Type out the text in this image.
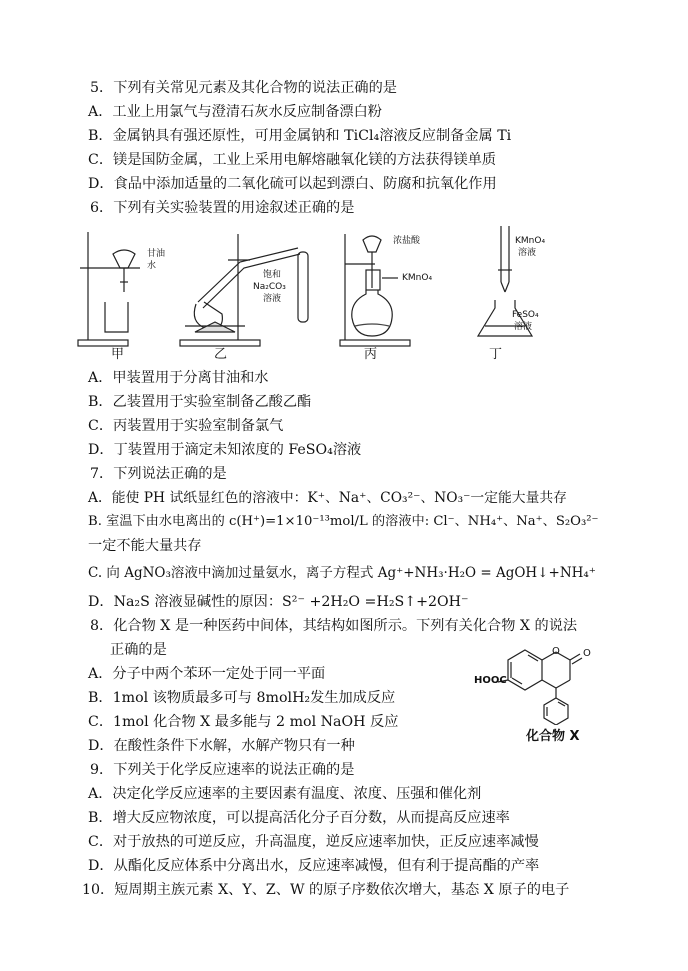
5．下列有关常见元素及其化合物的说法正确的是
A．工业上用氯气与澄清石灰水反应制备漂白粉
B．金属钠具有强还原性，可用金属钠和 TiCl₄溶液反应制备金属 Ti
C．镁是国防金属，工业上采用电解熔融氧化镁的方法获得镁单质
D．食品中添加适量的二氧化硫可以起到漂白、防腐和抗氧化作用
6．下列有关实验装置的用途叙述正确的是
甘油
水
饱和
Na₂CO₃
溶液
浓盐酸
KMnO₄
KMnO₄
溶液
FeSO₄
溶液
甲	乙	丙	丁
A．甲装置用于分离甘油和水
B．乙装置用于实验室制备乙酸乙酯
C．丙装置用于实验室制备氯气
D．丁装置用于滴定未知浓度的 FeSO₄溶液
7．下列说法正确的是
A．能使 PH 试纸显红色的溶液中：K⁺、Na⁺、CO₃²⁻、NO₃⁻一定能大量共存
B. 室温下由水电离出的 c(H⁺)=1×10⁻¹³mol/L 的溶液中: Cl⁻、NH₄⁺、Na⁺、S₂O₃²⁻
一定不能大量共存
C. 向 AgNO₃溶液中滴加过量氨水，离子方程式 Ag⁺+NH₃·H₂O = AgOH↓+NH₄⁺
D．Na₂S 溶液显碱性的原因：S²⁻ +2H₂O =H₂S↑+2OH⁻
8．化合物 X 是一种医药中间体，其结构如图所示。下列有关化合物 X 的说法
正确的是
A．分子中两个苯环一定处于同一平面
B．1mol 该物质最多可与 8molH₂发生加成反应
C．1mol 化合物 X 最多能与 2 mol NaOH 反应
D．在酸性条件下水解，水解产物只有一种
HOOC
O O
化合物 X
9．下列关于化学反应速率的说法正确的是
A．决定化学反应速率的主要因素有温度、浓度、压强和催化剂
B．增大反应物浓度，可以提高活化分子百分数，从而提高反应速率
C．对于放热的可逆反应，升高温度，逆反应速率加快，正反应速率减慢
D．从酯化反应体系中分离出水，反应速率减慢，但有利于提高酯的产率
10．短周期主族元素 X、Y、Z、W 的原子序数依次增大，基态 X 原子的电子
